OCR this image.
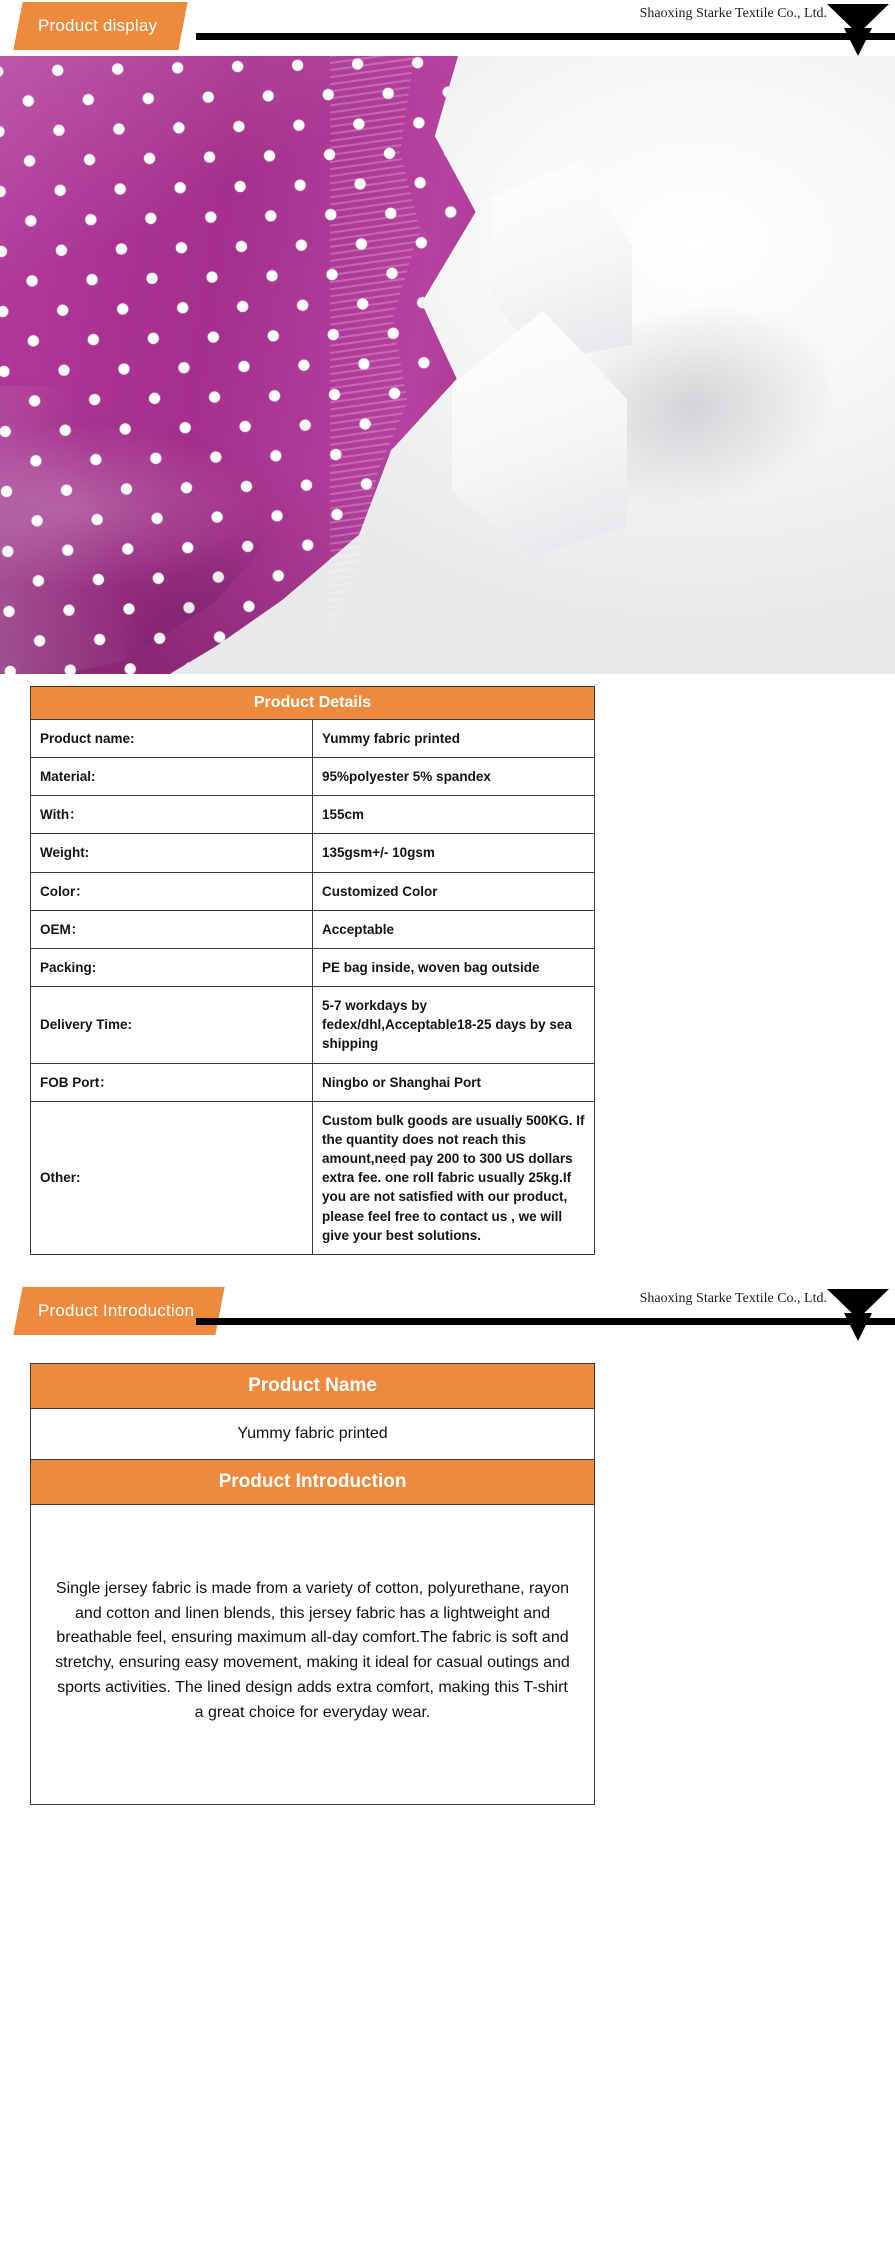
Product display
Shaoxing Starke Textile Co., Ltd.
Product Details	
Product name:	Yummy fabric printed
Material:	95%polyester 5% spandex
With：	155cm
Weight:	135gsm+/- 10gsm
Color：	Customized Color
OEM：	Acceptable
Packing:	PE bag inside, woven bag outside
Delivery Time:	5-7 workdays by fedex/dhl,Acceptable18-25 days by sea shipping
FOB Port：	Ningbo or Shanghai Port
Other:	Custom bulk goods are usually 500KG. If the quantity does not reach this amount,need pay 200 to 300 US dollars extra fee. one roll fabric usually 25kg.If you are not satisfied with our product, please feel free to contact us , we will give your best solutions.
Product Introduction
Shaoxing Starke Textile Co., Ltd.
Product Name
Yummy fabric printed
Product Introduction
Single jersey fabric is made from a variety of cotton, polyurethane, rayon and cotton and linen blends, this jersey fabric has a lightweight and breathable feel, ensuring maximum all-day comfort.The fabric is soft and stretchy, ensuring easy movement, making it ideal for casual outings and sports activities. The lined design adds extra comfort, making this T-shirt a great choice for everyday wear.
